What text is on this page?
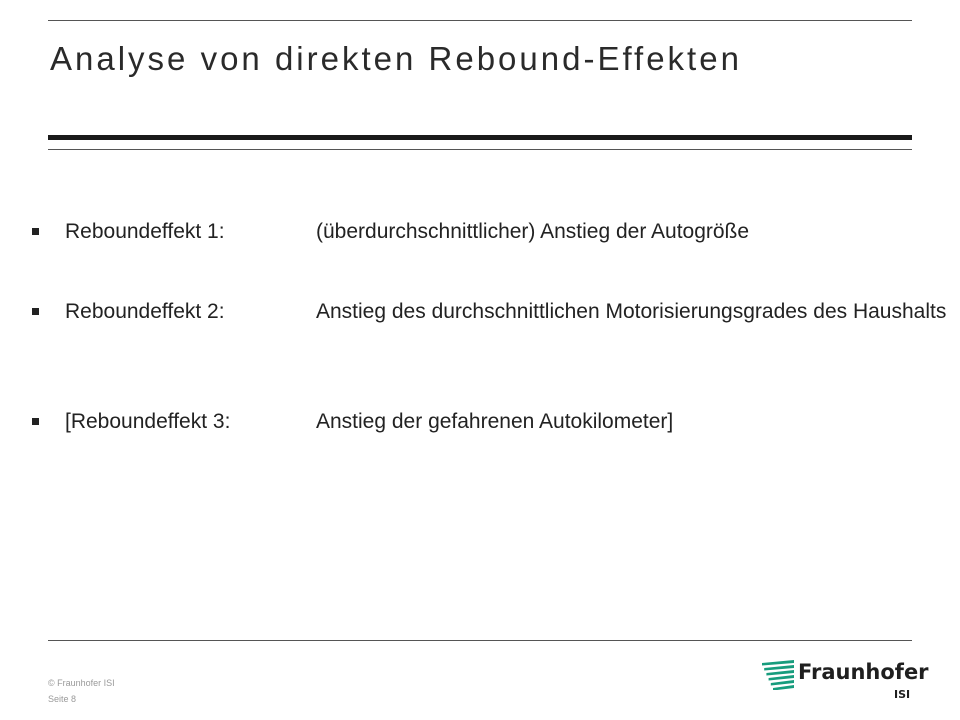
Analyse von direkten Rebound-Effekten
Reboundeffekt 1:	(überdurchschnittlicher) Anstieg der Autogröße
Reboundeffekt 2:	Anstieg des durchschnittlichen Motorisierungsgrades des Haushalts
[Reboundeffekt 3:	Anstieg der gefahrenen Autokilometer]
© Fraunhofer ISI
Seite 8
Fraunhofer
ISI
